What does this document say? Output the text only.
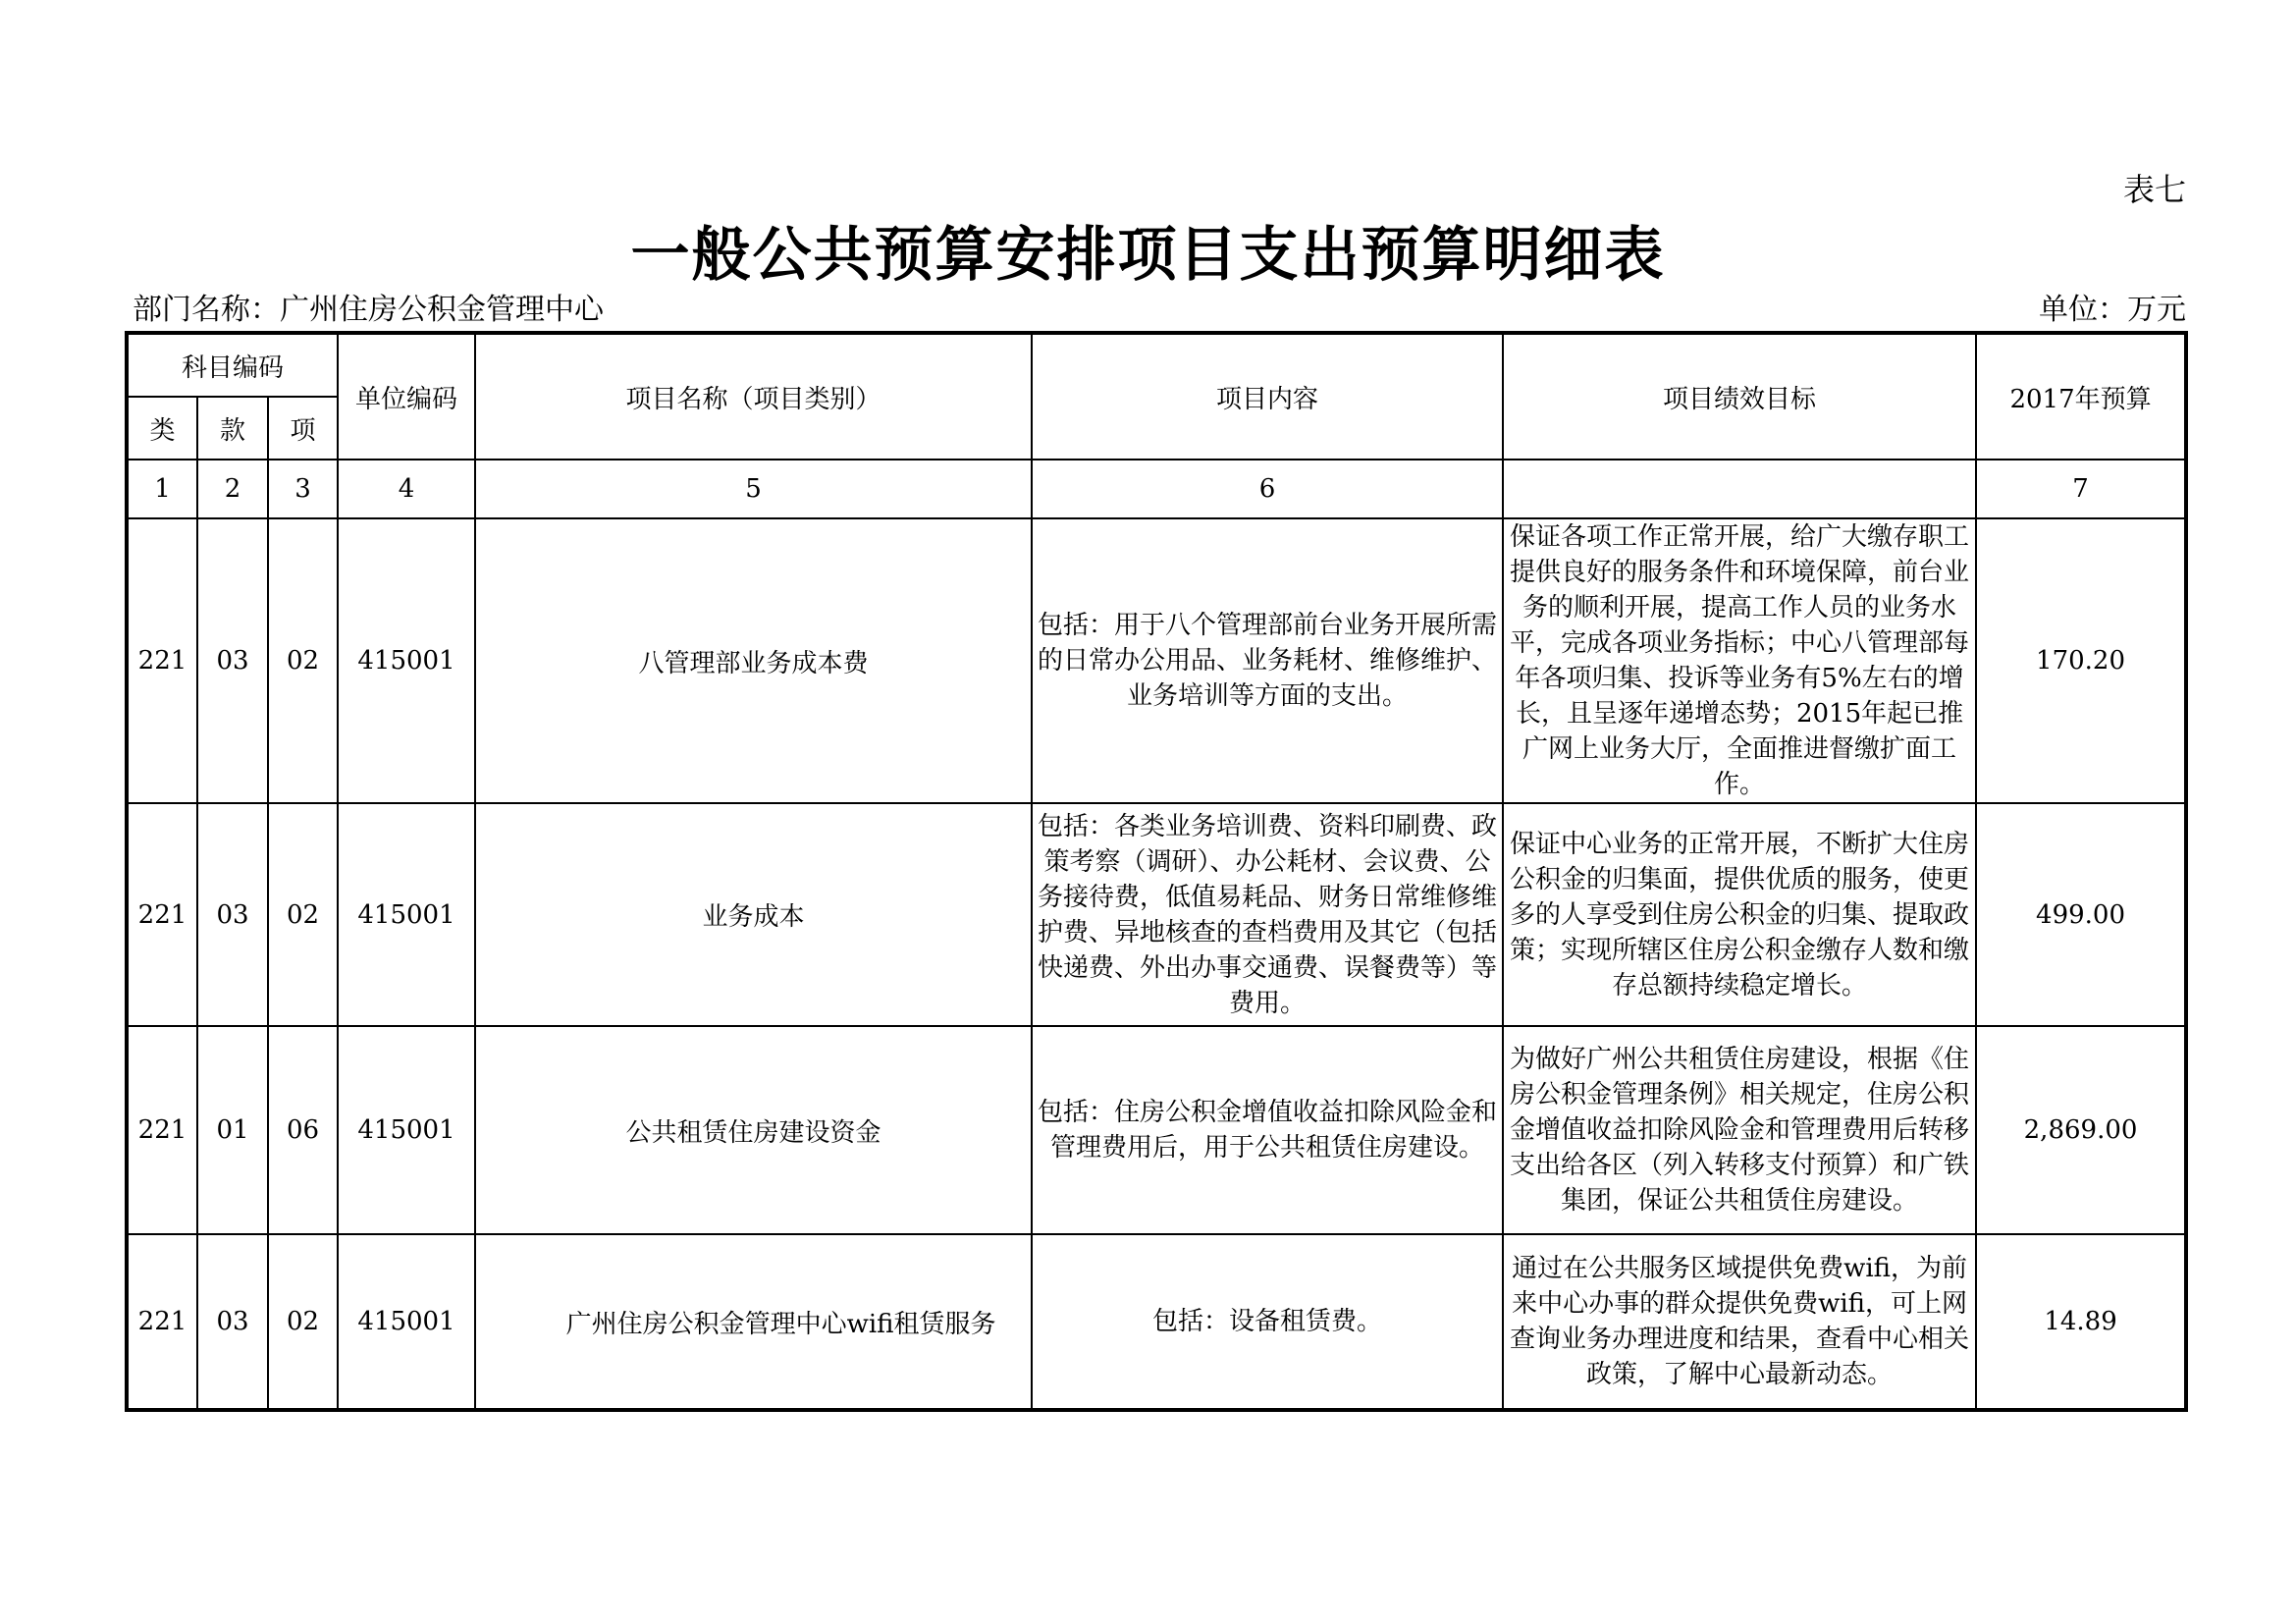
表七
一般公共预算安排项目支出预算明细表
部门名称：广州住房公积金管理中心	单位：万元
科目编码			单位编码	项目名称（项目类别）	项目内容	项目绩效目标	2017年预算
类	款	项					
1	2	3	4	5	6		7
221	03	02	415001	八管理部业务成本费	包括：用于八个管理部前台业务开展所需的日常办公用品、业务耗材、维修维护、业务培训等方面的支出。	保证各项工作正常开展，给广大缴存职工提供良好的服务条件和环境保障，前台业务的顺利开展，提高工作人员的业务水平，完成各项业务指标；中心八管理部每年各项归集、投诉等业务有5%左右的增长，且呈逐年递增态势；2015年起已推广网上业务大厅，全面推进督缴扩面工作。	170.20
221	03	02	415001	业务成本	包括：各类业务培训费、资料印刷费、政策考察（调研）、办公耗材、会议费、公务接待费，低值易耗品、财务日常维修维护费、异地核查的查档费用及其它（包括快递费、外出办事交通费、误餐费等）等费用。	保证中心业务的正常开展，不断扩大住房公积金的归集面，提供优质的服务，使更多的人享受到住房公积金的归集、提取政策；实现所辖区住房公积金缴存人数和缴存总额持续稳定增长。	499.00
221	01	06	415001	公共租赁住房建设资金	包括：住房公积金增值收益扣除风险金和管理费用后，用于公共租赁住房建设。	为做好广州公共租赁住房建设，根据《住房公积金管理条例》相关规定，住房公积金增值收益扣除风险金和管理费用后转移支出给各区（列入转移支付预算）和广铁集团，保证公共租赁住房建设。	2,869.00
221	03	02	415001	广州住房公积金管理中心wifi租赁服务	包括：设备租赁费。	通过在公共服务区域提供免费wifi，为前来中心办事的群众提供免费wifi，可上网查询业务办理进度和结果，查看中心相关政策，了解中心最新动态。	14.89
